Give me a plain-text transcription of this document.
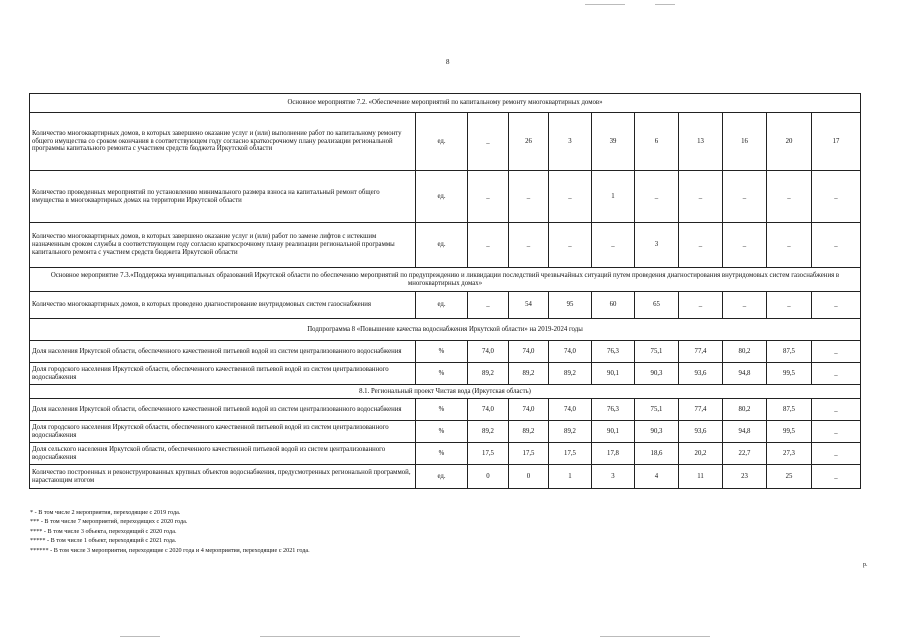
8
р.
Основное мероприятие 7.2. «Обеспечение мероприятий по капитальному ремонту многоквартирных домов»										
Количество многоквартирных домов, в которых завершено оказание услуг и (или) выполнение работ по капитальному ремонту общего имущества со сроком окончания в соответствующем году согласно краткосрочному плану реализации региональной программы капитального ремонта с участием средств бюджета Иркутской области	ед.	_	26	3	39	6	13	16	20	17
Количество проведенных мероприятий по установлению минимального размера взноса на капитальный ремонт общего имущества в многоквартирных домах на территории Иркутской области	ед.	_	_	_	1	_	_	_	_	_
Количество многоквартирных домов, в которых завершено оказание услуг и (или) работ по замене лифтов с истекшим назначенным сроком службы в соответствующем году согласно краткосрочному плану реализации региональной программы капитального ремонта с участием средств бюджета Иркутской области	ед.	_	_	_	_	3	_	_	_	_
Основное мероприятие 7.3.«Поддержка муниципальных образований Иркутской области по обеспечению мероприятий по предупреждению и ликвидации последствий чрезвычайных ситуаций путем проведения диагностирования внутридомовых систем газоснабжения в многоквартирных домах»										
Количество многоквартирных домов, в которых проведено диагностирование внутридомовых систем газоснабжения	ед.	_	54	95	60	65	_	_	_	_
Подпрограмма 8 «Повышение качества водоснабжения Иркутской области» на 2019-2024 годы										
Доля населения Иркутской области, обеспеченного качественной питьевой водой из систем централизованного водоснабжения	%	74,0	74,0	74,0	76,3	75,1	77,4	80,2	87,5	_
Доля городского населения Иркутской области, обеспеченного качественной питьевой водой из систем централизованного водоснабжения	%	89,2	89,2	89,2	90,1	90,3	93,6	94,8	99,5	_
8.1. Региональный проект Чистая вода (Иркутская область)										
Доля населения Иркутской области, обеспеченного качественной питьевой водой из систем централизованного водоснабжения	%	74,0	74,0	74,0	76,3	75,1	77,4	80,2	87,5	_
Доля городского населения Иркутской области, обеспеченного качественной питьевой водой из систем централизованного водоснабжения	%	89,2	89,2	89,2	90,1	90,3	93,6	94,8	99,5	_
Доля сельского населения Иркутской области, обеспеченного качественной питьевой водой из систем централизованного водоснабжения	%	17,5	17,5	17,5	17,8	18,6	20,2	22,7	27,3	_
Количество построенных и реконструированных крупных объектов водоснабжения, предусмотренных региональной программой, нарастающим итогом	ед.	0	0	1	3	4	11	23	25	_
* - В том числе 2 мероприятия, переходящие с 2019 года.
*** - В том числе 7 мероприятий, переходящих с 2020 года.
**** - В том числе 3 объекта, переходящий с 2020 года.
***** - В том числе 1 объект, переходящий с 2021 года.
****** - В том числе 3 мероприятия, переходящие с 2020 года и 4 мероприятия, переходящие с 2021 года.
